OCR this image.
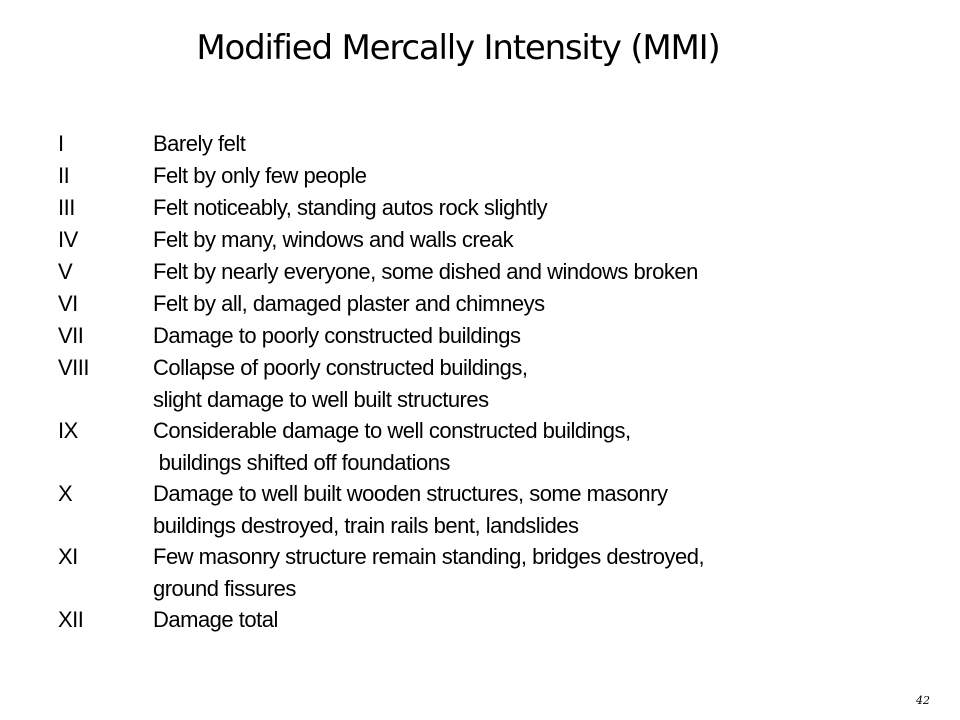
Modified Mercally Intensity (MMI)
I	Barely felt
II	Felt by only few people
III	Felt noticeably, standing autos rock slightly
IV	Felt by many, windows and walls creak
V	Felt by nearly everyone, some dished and windows broken
VI	Felt by all, damaged plaster and chimneys
VII	Damage to poorly constructed buildings
VIII	Collapse of poorly constructed buildings,
slight damage to well built structures
IX	Considerable damage to well constructed buildings,
buildings shifted off foundations
X	Damage to well built wooden structures, some masonry
buildings destroyed, train rails bent, landslides
XI	Few masonry structure remain standing, bridges destroyed,
ground fissures
XII	Damage total
42
